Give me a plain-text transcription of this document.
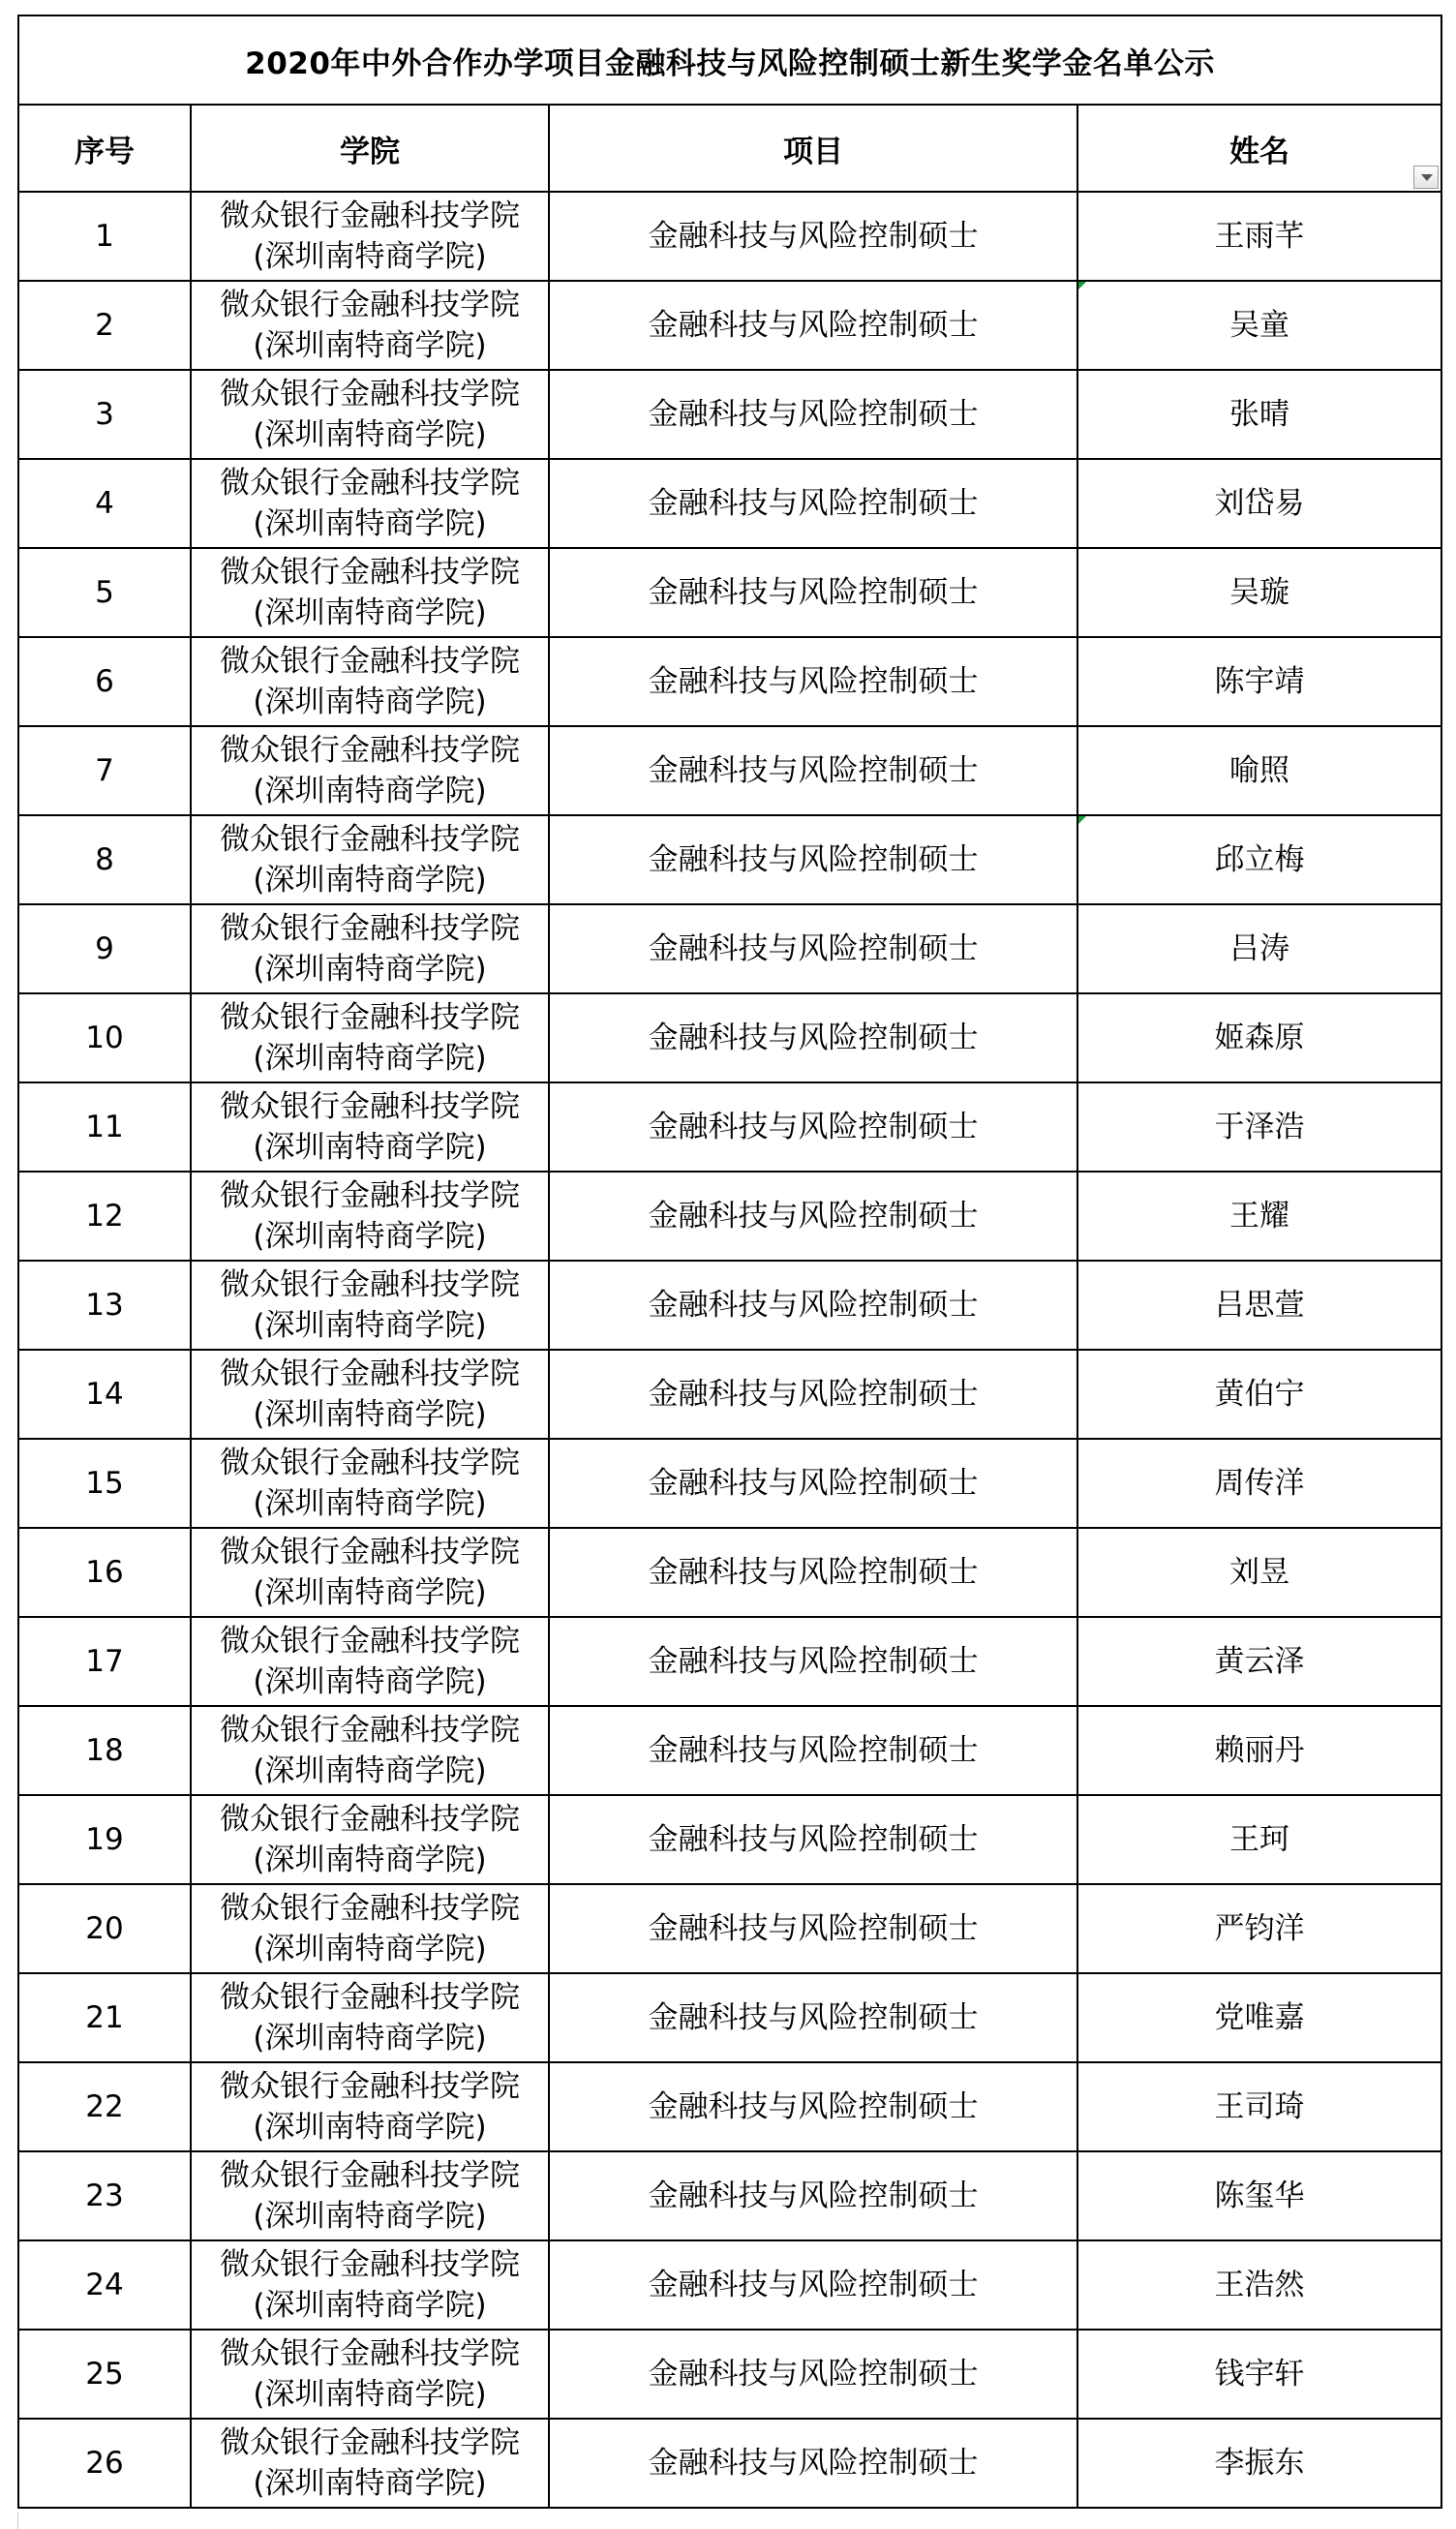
2020年中外合作办学项目金融科技与风险控制硕士新生奖学金名单公示			
序号	学院	项目	姓名

1	微众银行金融科技学院
(深圳南特商学院)	金融科技与风险控制硕士	王雨芊
2	微众银行金融科技学院
(深圳南特商学院)	金融科技与风险控制硕士	吴童
3	微众银行金融科技学院
(深圳南特商学院)	金融科技与风险控制硕士	张晴
4	微众银行金融科技学院
(深圳南特商学院)	金融科技与风险控制硕士	刘岱易
5	微众银行金融科技学院
(深圳南特商学院)	金融科技与风险控制硕士	吴璇
6	微众银行金融科技学院
(深圳南特商学院)	金融科技与风险控制硕士	陈宇靖
7	微众银行金融科技学院
(深圳南特商学院)	金融科技与风险控制硕士	喻照
8	微众银行金融科技学院
(深圳南特商学院)	金融科技与风险控制硕士	邱立梅
9	微众银行金融科技学院
(深圳南特商学院)	金融科技与风险控制硕士	吕涛
10	微众银行金融科技学院
(深圳南特商学院)	金融科技与风险控制硕士	姬森原
11	微众银行金融科技学院
(深圳南特商学院)	金融科技与风险控制硕士	于泽浩
12	微众银行金融科技学院
(深圳南特商学院)	金融科技与风险控制硕士	王耀
13	微众银行金融科技学院
(深圳南特商学院)	金融科技与风险控制硕士	吕思萱
14	微众银行金融科技学院
(深圳南特商学院)	金融科技与风险控制硕士	黄伯宁
15	微众银行金融科技学院
(深圳南特商学院)	金融科技与风险控制硕士	周传洋
16	微众银行金融科技学院
(深圳南特商学院)	金融科技与风险控制硕士	刘昱
17	微众银行金融科技学院
(深圳南特商学院)	金融科技与风险控制硕士	黄云泽
18	微众银行金融科技学院
(深圳南特商学院)	金融科技与风险控制硕士	赖丽丹
19	微众银行金融科技学院
(深圳南特商学院)	金融科技与风险控制硕士	王珂
20	微众银行金融科技学院
(深圳南特商学院)	金融科技与风险控制硕士	严钧洋
21	微众银行金融科技学院
(深圳南特商学院)	金融科技与风险控制硕士	党唯嘉
22	微众银行金融科技学院
(深圳南特商学院)	金融科技与风险控制硕士	王司琦
23	微众银行金融科技学院
(深圳南特商学院)	金融科技与风险控制硕士	陈玺华
24	微众银行金融科技学院
(深圳南特商学院)	金融科技与风险控制硕士	王浩然
25	微众银行金融科技学院
(深圳南特商学院)	金融科技与风险控制硕士	钱宇轩
26	微众银行金融科技学院
(深圳南特商学院)	金融科技与风险控制硕士	李振东
